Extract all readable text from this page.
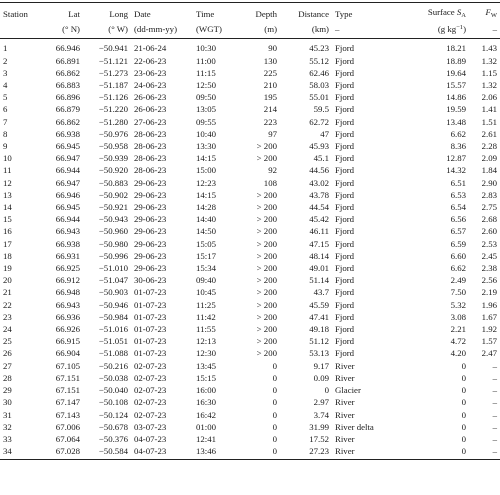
Station	Lat	Long	Date	Time	Depth	Distance	Type	Surface $S_A$	$F_W$
	(° N)	(° W)	(dd-mm-yy)	(WGT)	(m)	(km)	–	(g $kg^{-1}$)	–
1	66.946	−50.941	21-06-24	10:30	90	45.23	Fjord	18.21	1.43
2	66.891	−51.121	22-06-23	11:00	130	55.12	Fjord	18.89	1.32
3	66.862	−51.273	23-06-23	11:15	225	62.46	Fjord	19.64	1.15
4	66.883	−51.187	24-06-23	12:50	210	58.03	Fjord	15.57	1.32
5	66.896	−51.126	26-06-23	09:50	195	55.01	Fjord	14.86	2.06
6	66.879	−51.220	26-06-23	13:05	214	59.5	Fjord	19.59	1.41
7	66.862	−51.280	27-06-23	09:55	223	62.72	Fjord	13.48	1.51
8	66.938	−50.976	28-06-23	10:40	97	47	Fjord	6.62	2.61
9	66.945	−50.958	28-06-23	13:30	> 200	45.93	Fjord	8.36	2.28
10	66.947	−50.939	28-06-23	14:15	> 200	45.1	Fjord	12.87	2.09
11	66.944	−50.920	28-06-23	15:00	92	44.56	Fjord	14.32	1.84
12	66.947	−50.883	29-06-23	12:23	108	43.02	Fjord	6.51	2.90
13	66.946	−50.902	29-06-23	14:15	> 200	43.78	Fjord	6.53	2.83
14	66.945	−50.921	29-06-23	14:28	> 200	44.54	Fjord	6.54	2.75
15	66.944	−50.943	29-06-23	14:40	> 200	45.42	Fjord	6.56	2.68
16	66.943	−50.960	29-06-23	14:50	> 200	46.11	Fjord	6.57	2.60
17	66.938	−50.980	29-06-23	15:05	> 200	47.15	Fjord	6.59	2.53
18	66.931	−50.996	29-06-23	15:17	> 200	48.14	Fjord	6.60	2.45
19	66.925	−51.010	29-06-23	15:34	> 200	49.01	Fjord	6.62	2.38
20	66.912	−51.047	30-06-23	09:40	> 200	51.14	Fjord	2.49	2.56
21	66.948	−50.903	01-07-23	10:45	> 200	43.7	Fjord	7.50	2.19
22	66.943	−50.946	01-07-23	11:25	> 200	45.59	Fjord	5.32	1.96
23	66.936	−50.984	01-07-23	11:42	> 200	47.41	Fjord	3.08	1.67
24	66.926	−51.016	01-07-23	11:55	> 200	49.18	Fjord	2.21	1.92
25	66.915	−51.051	01-07-23	12:13	> 200	51.12	Fjord	4.72	1.57
26	66.904	−51.088	01-07-23	12:30	> 200	53.13	Fjord	4.20	2.47
27	67.105	−50.216	02-07-23	13:45	0	9.17	River	0	–
28	67.151	−50.038	02-07-23	15:15	0	0.09	River	0	–
29	67.151	−50.040	02-07-23	16:00	0	0	Glacier	0	–
30	67.147	−50.108	02-07-23	16:30	0	2.97	River	0	–
31	67.143	−50.124	02-07-23	16:42	0	3.74	River	0	–
32	67.006	−50.678	03-07-23	01:00	0	31.99	River delta	0	–
33	67.064	−50.376	04-07-23	12:41	0	17.52	River	0	–
34	67.028	−50.584	04-07-23	13:46	0	27.23	River	0	–
